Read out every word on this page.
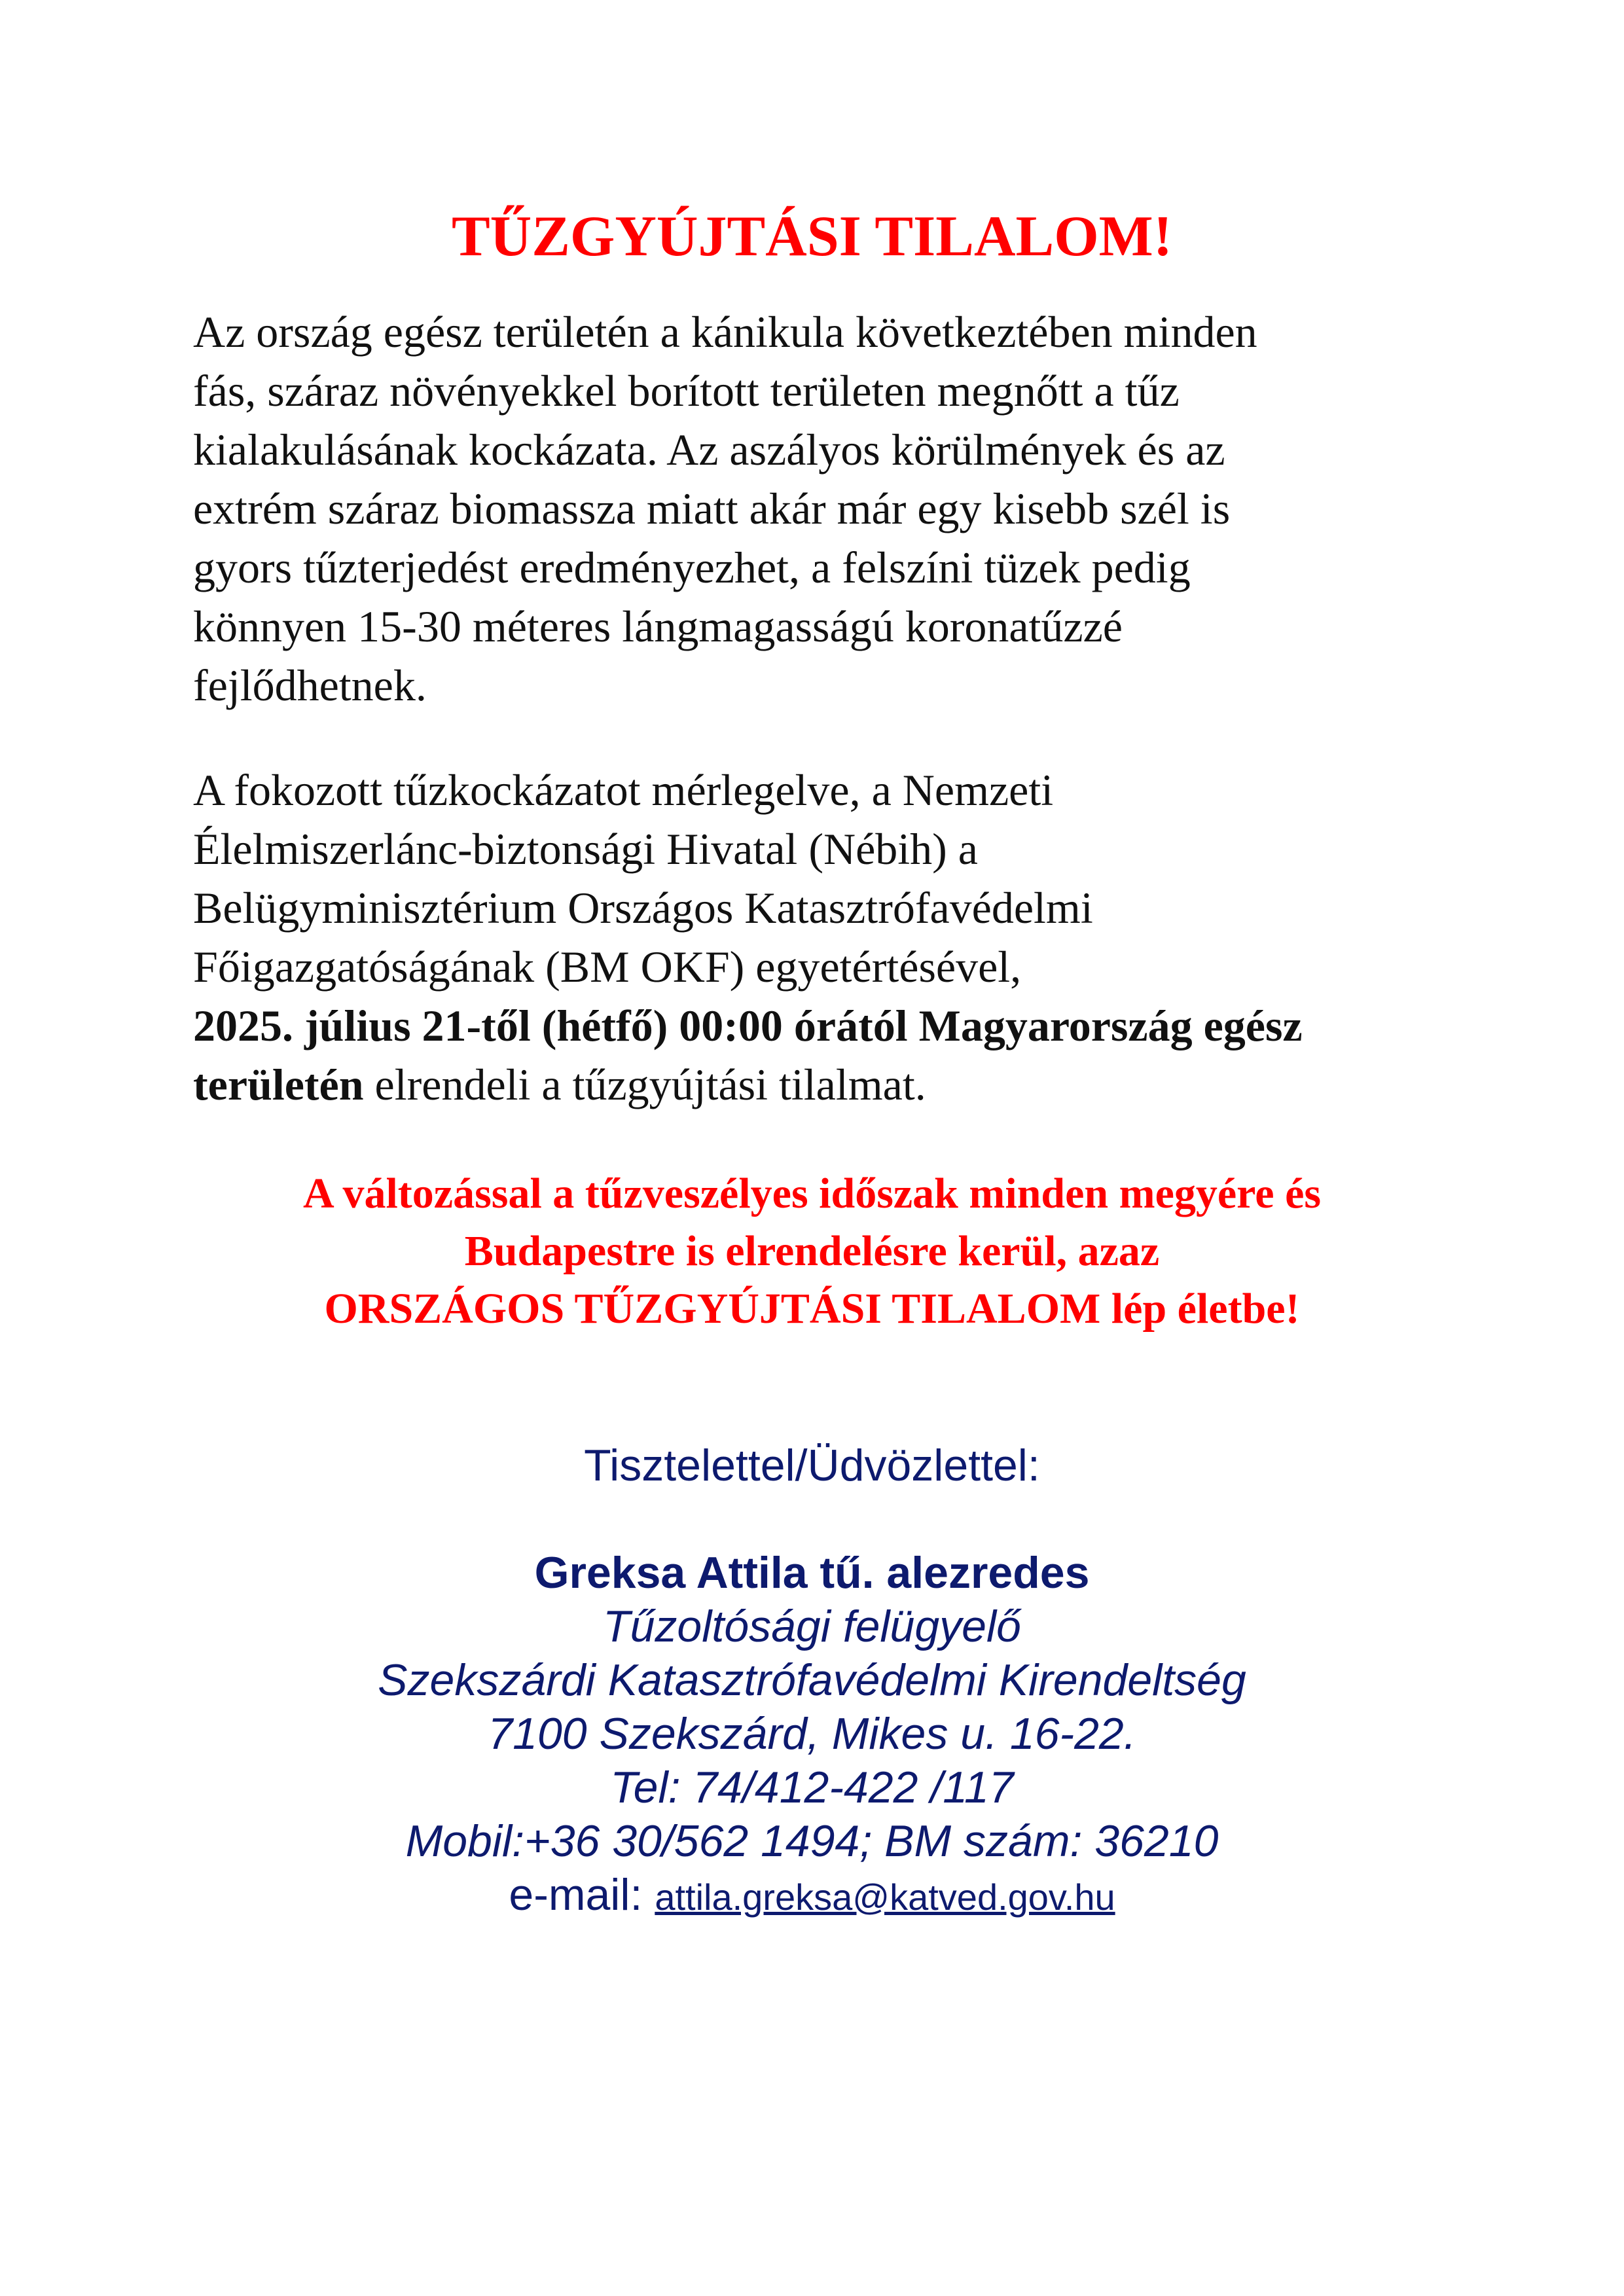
TŰZGYÚJTÁSI TILALOM!
Az ország egész területén a kánikula következtében minden
fás, száraz növényekkel borított területen megnőtt a tűz
kialakulásának kockázata. Az aszályos körülmények és az
extrém száraz biomassza miatt akár már egy kisebb szél is
gyors tűzterjedést eredményezhet, a felszíni tüzek pedig
könnyen 15-30 méteres lángmagasságú koronatűzzé
fejlődhetnek.
A fokozott tűzkockázatot mérlegelve, a Nemzeti
Élelmiszerlánc-biztonsági Hivatal (Nébih) a
Belügyminisztérium Országos Katasztrófavédelmi
Főigazgatóságának (BM OKF) egyetértésével,
2025. július 21-től (hétfő) 00:00 órától Magyarország egész
területén elrendeli a tűzgyújtási tilalmat.
A változással a tűzveszélyes időszak minden megyére és
Budapestre is elrendelésre kerül, azaz
ORSZÁGOS TŰZGYÚJTÁSI TILALOM lép életbe!
Tisztelettel/Üdvözlettel:
Greksa Attila tű. alezredes
Tűzoltósági felügyelő
Szekszárdi Katasztrófavédelmi Kirendeltség
7100 Szekszárd, Mikes u. 16-22.
Tel: 74/412-422 /117
Mobil:+36 30/562 1494; BM szám: 36210
e-mail: attila.greksa@katved.gov.hu
